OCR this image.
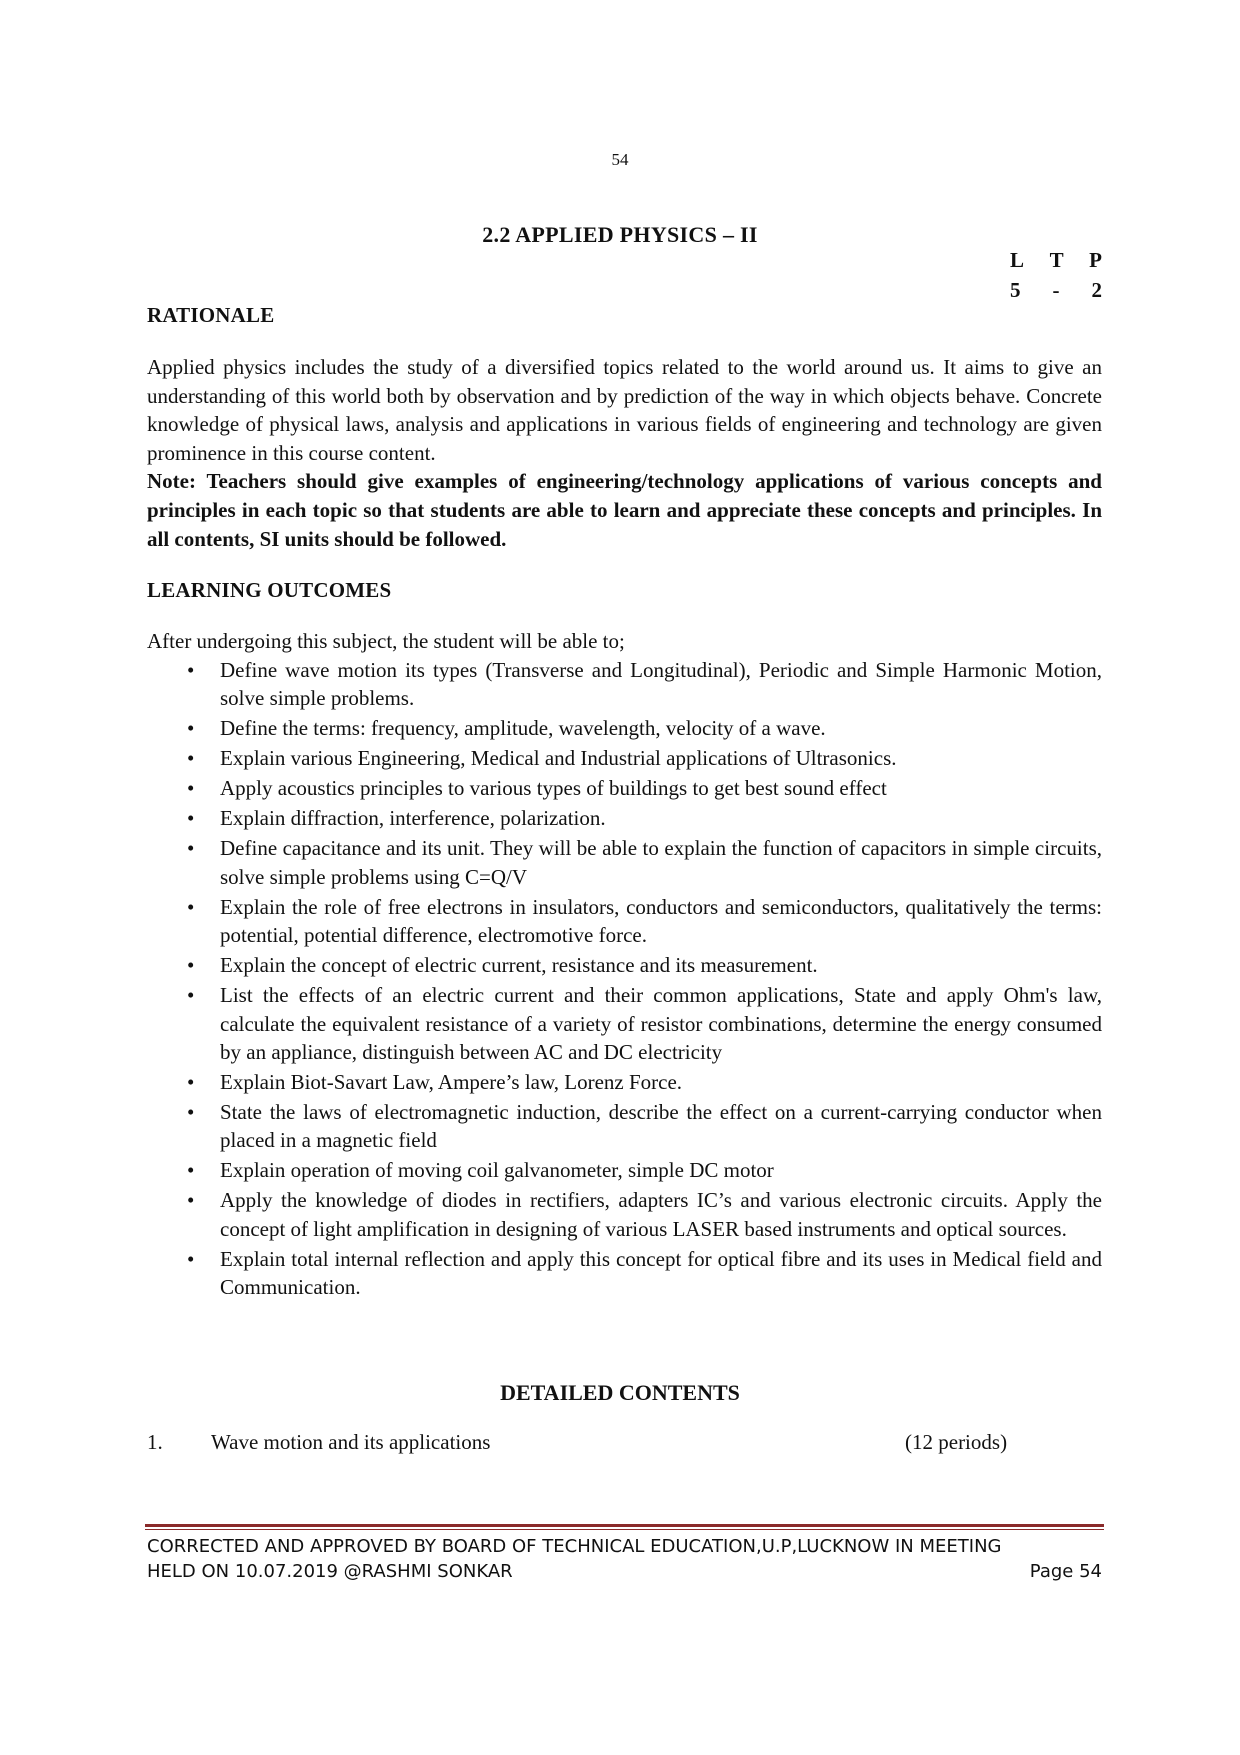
54
2.2 APPLIED PHYSICS – II
L T P
5 - 2
RATIONALE
Applied physics includes the study of a diversified topics related to the world around us. It aims to give an understanding of this world both by observation and by prediction of the way in which objects behave. Concrete knowledge of physical laws, analysis and applications in various fields of engineering and technology are given prominence in this course content.
Note: Teachers should give examples of engineering/technology applications of various concepts and principles in each topic so that students are able to learn and appreciate these concepts and principles. In all contents, SI units should be followed.
LEARNING OUTCOMES
After undergoing this subject, the student will be able to;
• Define wave motion its types (Transverse and Longitudinal), Periodic and Simple Harmonic Motion, solve simple problems.
• Define the terms: frequency, amplitude, wavelength, velocity of a wave.
• Explain various Engineering, Medical and Industrial applications of Ultrasonics.
• Apply acoustics principles to various types of buildings to get best sound effect
• Explain diffraction, interference, polarization.
• Define capacitance and its unit. They will be able to explain the function of capacitors in simple circuits, solve simple problems using C=Q/V
• Explain the role of free electrons in insulators, conductors and semiconductors, qualitatively the terms: potential, potential difference, electromotive force.
• Explain the concept of electric current, resistance and its measurement.
• List the effects of an electric current and their common applications, State and apply Ohm's law, calculate the equivalent resistance of a variety of resistor combinations, determine the energy consumed by an appliance, distinguish between AC and DC electricity
• Explain Biot-Savart Law, Ampere’s law, Lorenz Force.
• State the laws of electromagnetic induction, describe the effect on a current-carrying conductor when placed in a magnetic field
• Explain operation of moving coil galvanometer, simple DC motor
• Apply the knowledge of diodes in rectifiers, adapters IC’s and various electronic circuits. Apply the concept of light amplification in designing of various LASER based instruments and optical sources.
• Explain total internal reflection and apply this concept for optical fibre and its uses in Medical field and Communication.
DETAILED CONTENTS
1. Wave motion and its applications	(12 periods)
CORRECTED AND APPROVED BY BOARD OF TECHNICAL EDUCATION,U.P,LUCKNOW IN MEETING
HELD ON 10.07.2019 @RASHMI SONKAR	Page 54
